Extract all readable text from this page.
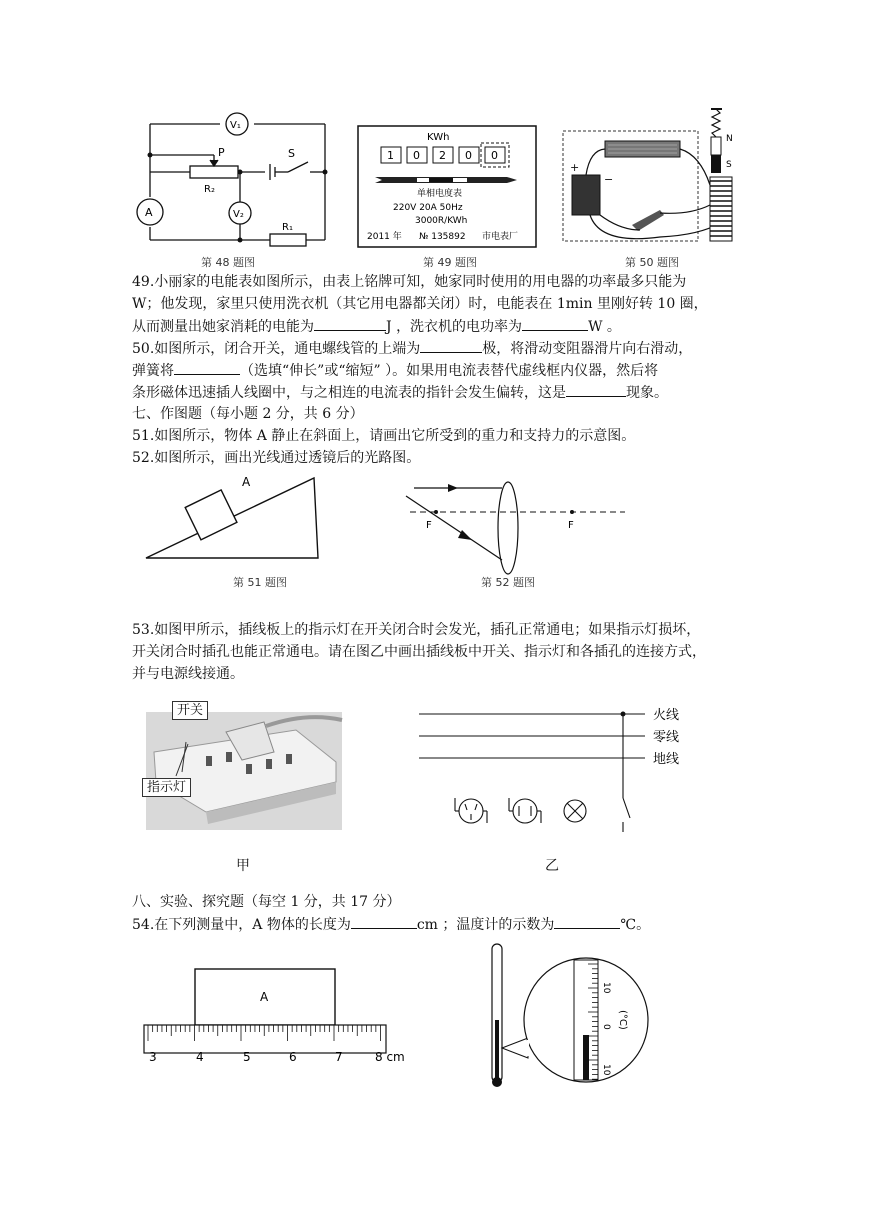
V₁
P
R₂
S
A	V₂
R₁
第 48 题图
KWh
1 0 2 0 0
单相电度表
220V 20A 50Hz
3000R/KWh
2011 年 № 135892 市电表厂
第 49 题图
N
S
+
−
第 50 题图
49.小丽家的电能表如图所示，由表上铭牌可知，她家同时使用的用电器的功率最多只能为
W；他发现，家里只使用洗衣机（其它用电器都关闭）时，电能表在 1min 里刚好转 10 圈，
从而测量出她家消耗的电能为	J ，洗衣机的电功率为	W 。
50.如图所示，闭合开关，通电螺线管的上端为	极，将滑动变阻器滑片向右滑动，
弹簧将	（选填“伸长”或“缩短” ）。如果用电流表替代虚线框内仪器，然后将
条形磁体迅速插人线圈中，与之相连的电流表的指针会发生偏转，这是	现象。
七、作图题（每小题 2 分，共 6 分）
51.如图所示，物体 A 静止在斜面上，请画出它所受到的重力和支持力的示意图。
52.如图所示，画出光线通过透镜后的光路图。
A
第 51 题图
F	F
第 52 题图
53.如图甲所示，插线板上的指示灯在开关闭合时会发光，插孔正常通电；如果指示灯损坏，
开关闭合时插孔也能正常通电。请在图乙中画出插线板中开关、指示灯和各插孔的连接方式，
并与电源线接通。
开关
指示灯
甲
火线
零线
地线
乙
八、实验、探究题（每空 1 分，共 17 分）
54.在下列测量中，A 物体的长度为	cm ；温度计的示数为	℃。
A
3	4	5	6	7	8 cm
10
0
10
(°C)
